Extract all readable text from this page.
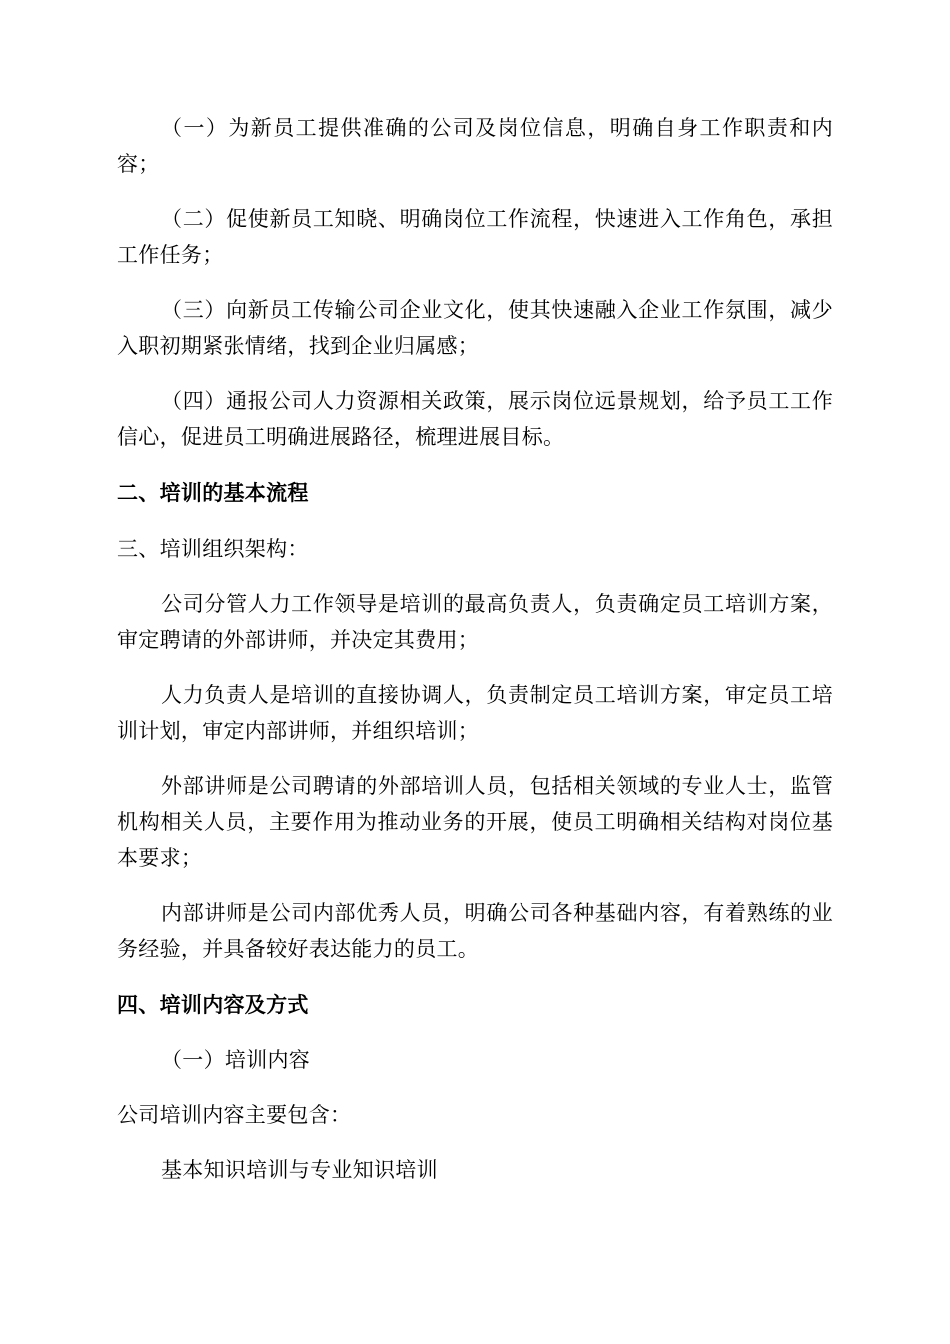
（一）为新员工提供准确的公司及岗位信息，明确自身工作职责和内容；

（二）促使新员工知晓、明确岗位工作流程，快速进入工作角色，承担工作任务；

（三）向新员工传输公司企业文化，使其快速融入企业工作氛围，减少入职初期紧张情绪，找到企业归属感；

（四）通报公司人力资源相关政策，展示岗位远景规划，给予员工工作信心，促进员工明确进展路径，梳理进展目标。

二、培训的基本流程

三、培训组织架构：

公司分管人力工作领导是培训的最高负责人，负责确定员工培训方案，审定聘请的外部讲师，并决定其费用；

人力负责人是培训的直接协调人，负责制定员工培训方案，审定员工培训计划，审定内部讲师，并组织培训；

外部讲师是公司聘请的外部培训人员，包括相关领域的专业人士，监管机构相关人员，主要作用为推动业务的开展，使员工明确相关结构对岗位基本要求；

内部讲师是公司内部优秀人员，明确公司各种基础内容，有着熟练的业务经验，并具备较好表达能力的员工。

四、培训内容及方式

（一）培训内容

公司培训内容主要包含：

基本知识培训与专业知识培训
